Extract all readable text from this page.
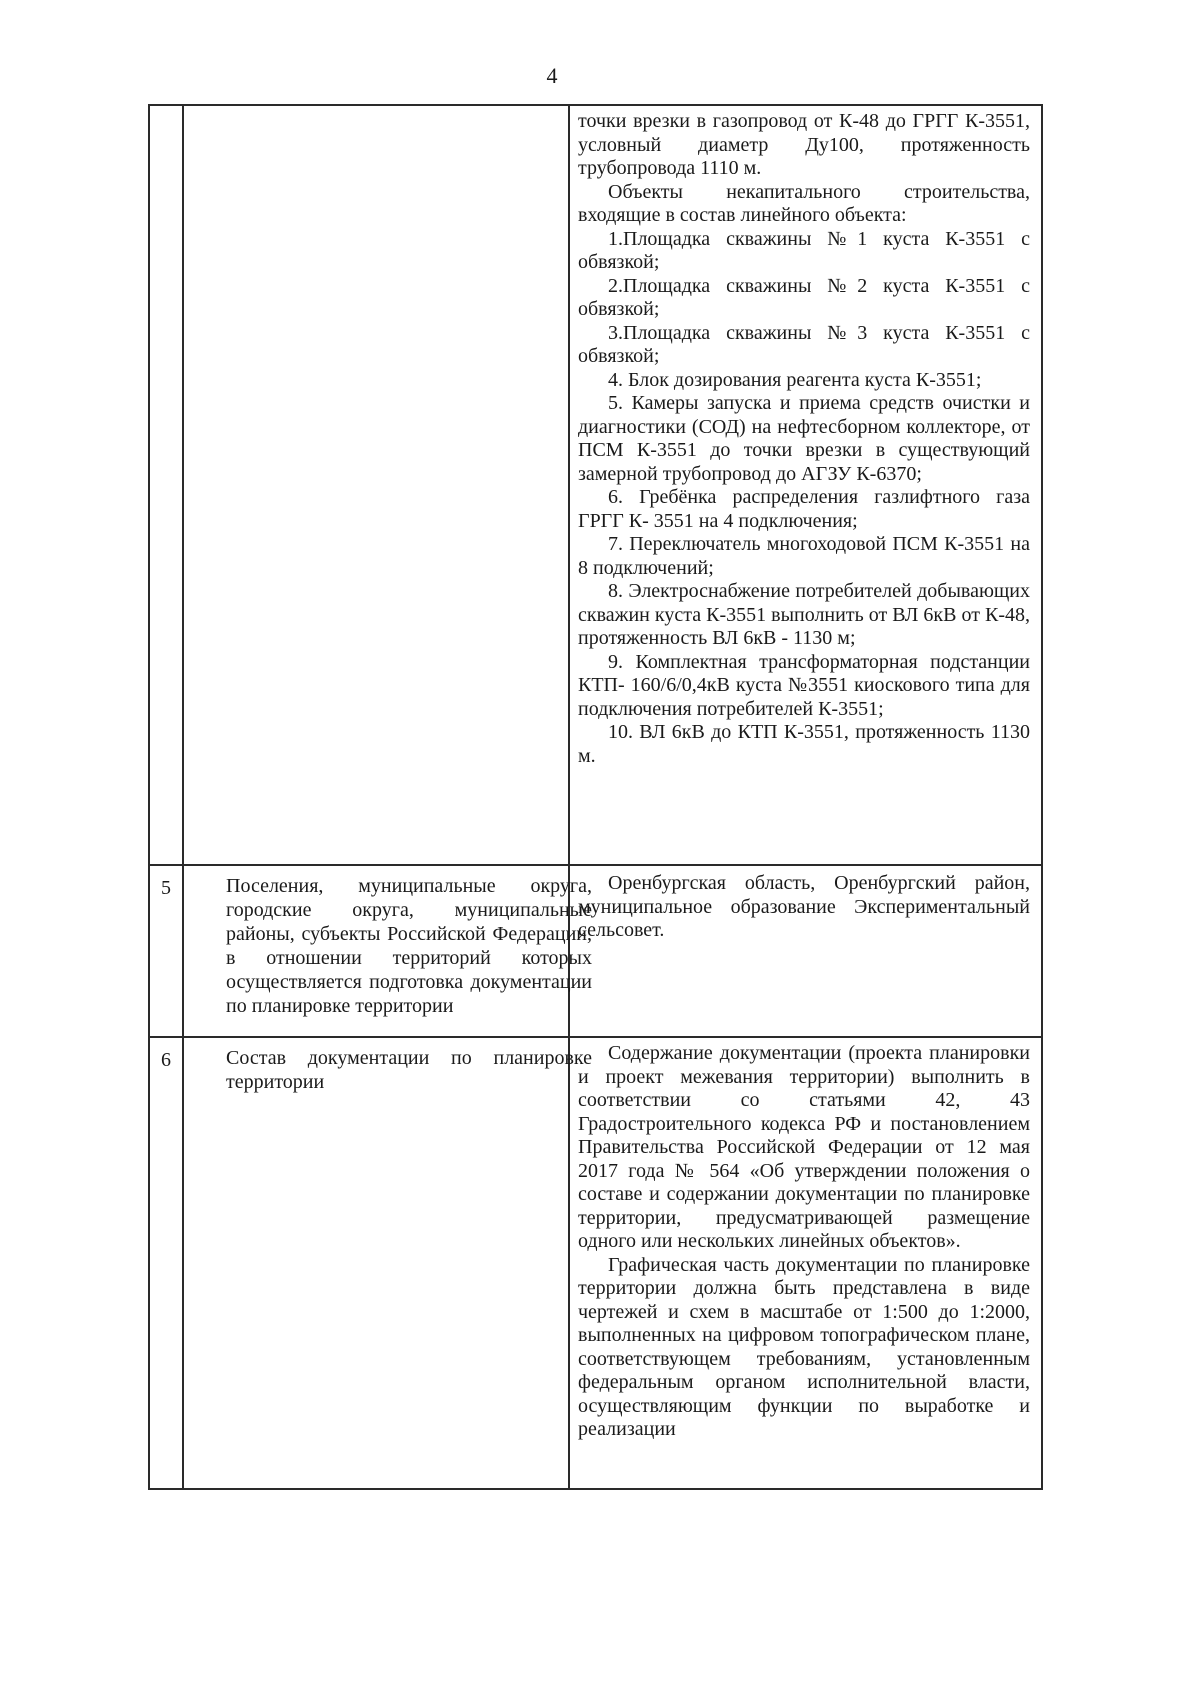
4

точки врезки в газопровод от К-48 до ГРГГ К-3551, условный диаметр Ду100, протяженность трубопровода 1110 м.

Объекты некапитального строительства, входящие в состав линейного объекта:

1.Площадка скважины №1 куста К-3551 с обвязкой;

2.Площадка скважины №2 куста К-3551 с обвязкой;

3.Площадка скважины №3 куста К-3551 с обвязкой;

4. Блок дозирования реагента куста К-3551;

5. Камеры запуска и приема средств очистки и диагностики (СОД) на нефтесборном коллекторе, от ПСМ К-3551 до точки врезки в существующий замерной трубопровод до АГЗУ К-6370;

6. Гребёнка распределения газлифтного газа ГРГГ К- 3551 на 4 подключения;

7. Переключатель многоходовой ПСМ К-3551 на 8 подключений;

8. Электроснабжение потребителей добывающих скважин куста К-3551 выполнить от ВЛ 6кВ от К-48, протяженность ВЛ 6кВ - 1130 м;

9. Комплектная трансформаторная подстанции КТП- 160/6/0,4кВ куста №3551 киоскового типа для подключения потребителей К-3551;

10. ВЛ 6кВ до КТП К-3551, протяженность 1130 м.

5	Поселения, муниципальные округа, городские округа, муниципальные районы, субъекты Российской Федерации, в отношении территорий которых осуществляется подготовка документации по планировке территории

Оренбургская область, Оренбургский район, муниципальное образование Экспериментальный сельсовет.

6	Состав документации по планировке территории

Содержание документации (проекта планировки и проект межевания территории) выполнить в соответствии со статьями 42, 43 Градостроительного кодекса РФ и постановлением Правительства Российской Федерации от 12 мая 2017 года № 564 «Об утверждении положения о составе и содержании документации по планировке территории, предусматривающей размещение одного или нескольких линейных объектов».

Графическая часть документации по планировке территории должна быть представлена в виде чертежей и схем в масштабе от 1:500 до 1:2000, выполненных на цифровом топографическом плане, соответствующем требованиям, установленным федеральным органом исполнительной власти, осуществляющим функции по выработке и реализации
